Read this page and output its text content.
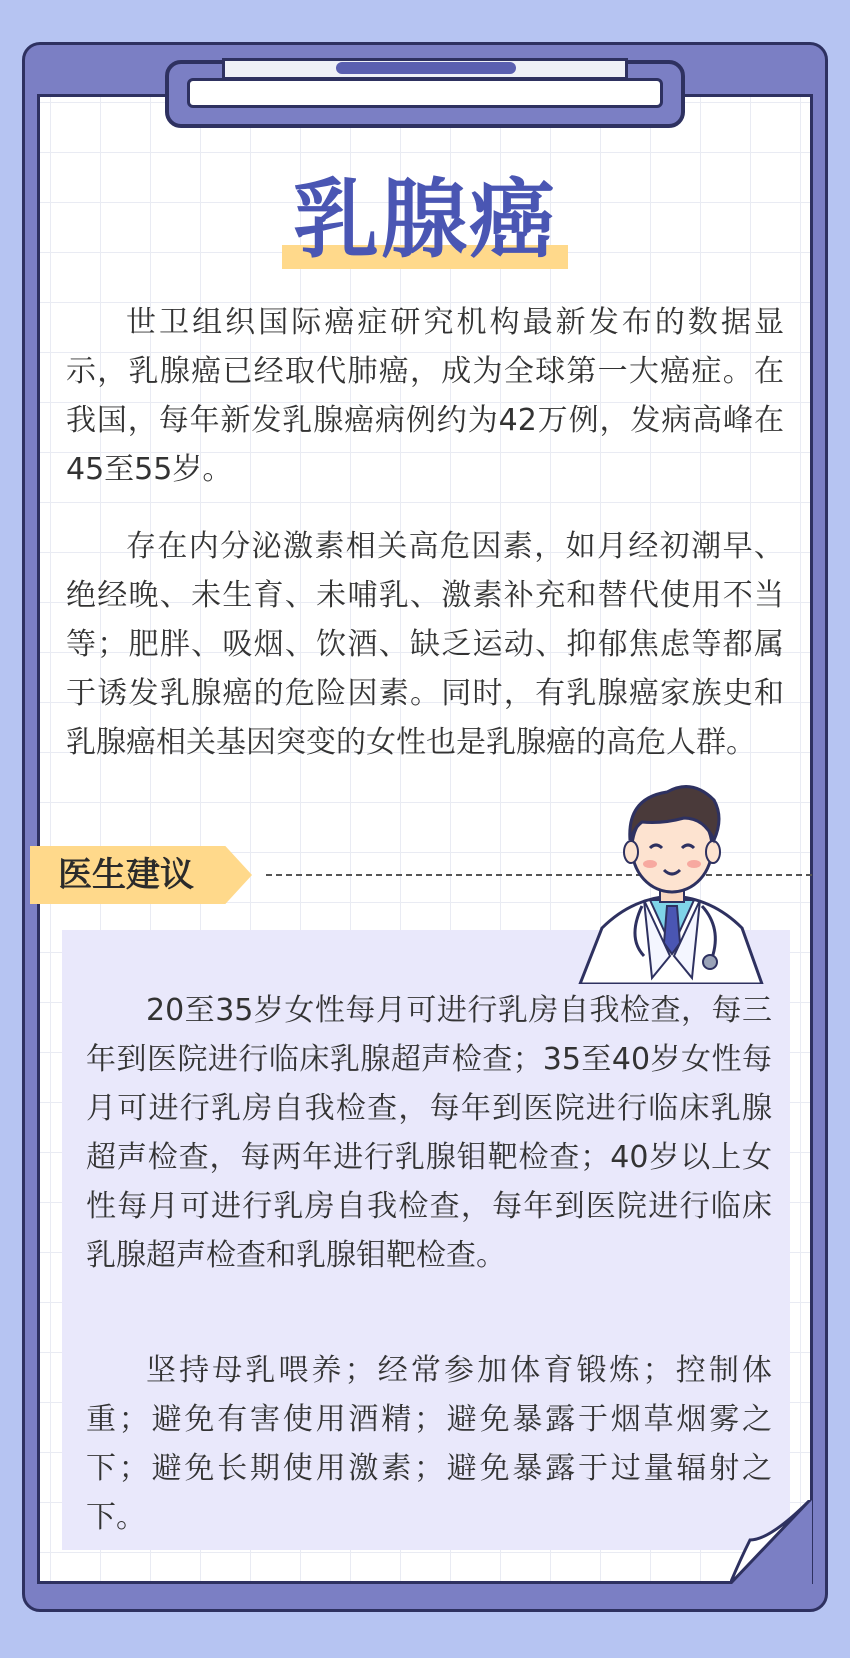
乳腺癌

世卫组织国际癌症研究机构最新发布的数据显示，乳腺癌已经取代肺癌，成为全球第一大癌症。在我国，每年新发乳腺癌病例约为42万例，发病高峰在45至55岁。

存在内分泌激素相关高危因素，如月经初潮早、绝经晚、未生育、未哺乳、激素补充和替代使用不当等；肥胖、吸烟、饮酒、缺乏运动、抑郁焦虑等都属于诱发乳腺癌的危险因素。同时，有乳腺癌家族史和乳腺癌相关基因突变的女性也是乳腺癌的高危人群。

医生建议

20至35岁女性每月可进行乳房自我检查，每三年到医院进行临床乳腺超声检查；35至40岁女性每月可进行乳房自我检查，每年到医院进行临床乳腺超声检查，每两年进行乳腺钼靶检查；40岁以上女性每月可进行乳房自我检查，每年到医院进行临床乳腺超声检查和乳腺钼靶检查。

坚持母乳喂养；经常参加体育锻炼；控制体重；避免有害使用酒精；避免暴露于烟草烟雾之下；避免长期使用激素；避免暴露于过量辐射之下。
